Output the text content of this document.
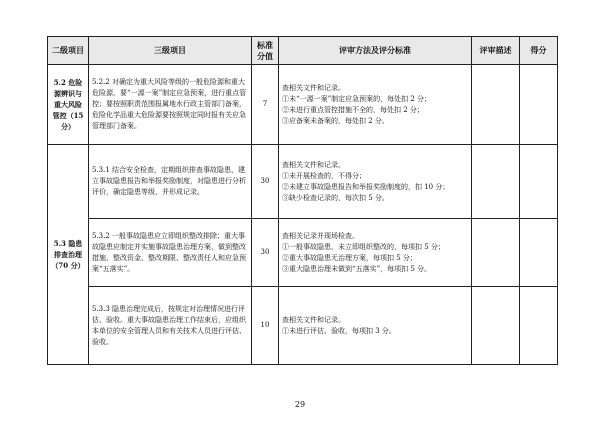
二级项目	三级项目	标准分值	评审方法及评分标准	评审描述	得分
5.2 危险源辨识与重大风险管控（15 分）	5.2.2 对确定为重大风险等级的一般危险源和重大危险源，要“一源一案”制定应急预案，进行重点管控；要按照职责范围报属地水行政主管部门备案，危险化学品重大危险源要按照规定同时报有关应急管理部门备案。	7	查相关文件和记录。
①未“一源一案”制定应急预案的，每处扣 2 分；
②未进行重点管控措施不全的，每处扣 2 分；
③应备案未备案的，每处扣 2 分。		

5.3 隐患排查治理（70 分）	5.3.1 结合安全检查，定期组织排查事故隐患，建立事故隐患报告和举报奖励制度，对隐患进行分析评价，确定隐患等级，并形成记录。	30	查相关文件和记录。
①未开展检查的，不得分；
②未建立事故隐患报告和举报奖励制度的，扣 10 分；
③缺少检查记录的，每次扣 5 分。		

	5.3.2 一般事故隐患应立即组织整改排除；重大事故隐患应制定并实施事故隐患治理方案，做到整改措施、整改资金、整改期限、整改责任人和应急预案“五落实”。	30	查相关记录并现场检查。
①一般事故隐患，未立即组织整改的，每项扣 5 分；
②重大事故隐患无治理方案，每项扣 5 分；
③重大隐患治理未做到“五落实”，每项扣 5 分。		

	5.3.3 隐患治理完成后，按规定对治理情况进行评估、验收。重大事故隐患治理工作结束后，应组织本单位的安全管理人员和有关技术人员进行评估、验收。	10	查相关文件和记录。
①未进行评估、验收，每项扣 3 分。		

29
